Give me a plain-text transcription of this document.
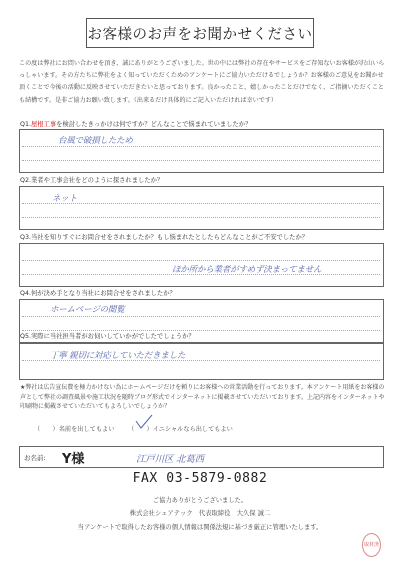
お客様のお声をお聞かせください
この度は弊社にお問い合わせを頂き、誠にありがとうございました。世の中には弊社の存在やサービスをご存知ないお客様が沢山いらっしゃいます。その方たちに弊社をよく知っていただくためのアンケートにご協力いただけるでしょうか？お客様のご意見をお聞かせ頂くことで今後の活動に反映させていただきたいと思っております。良かったこと、嬉しかったことだけでなく、ご指摘いただくことも結構です。是非ご協力お願い致します。（出来るだけ具体的にご記入いただければ幸いです）
Q1.屋根工事を検討したきっかけは何ですか？どんなことで悩まれていましたか？
台風で破損したため
Q2.業者や工事会社をどのように探されましたか？
ネット
Q3.当社を知りすぐにお問合せをされましたか？もし悩まれたとしたらどんなことがご不安でしたか？
ほか所から業者がすめず決まってません
Q4.何が決め手となり当社にお問合せをされましたか？
ホームページの閲覧
Q5.実際に当社担当者がお伺いしていかがでしたでしょうか？
丁寧 親切に対応していただきました
★弊社は広告宣伝費を極力かけない為にホームページだけを頼りにお客様への営業活動を行っております。本アンケート用紙をお客様の声として弊社の調査風景や施工状況を随時ブログ形式でインターネットに掲載させていただいております。上記内容をインターネットや印刷物に掲載させていただいてもよろしいでしょうか？
（　　）名前を出してもよい （　　）イニシャルなら出してもよい
お名前: Y様	江戸川区 北葛西
FAX 03-5879-0882
ご協力ありがとうございました。
株式会社シェアテック　代表取締役　大久保 誠二
当アンケートで取得したお客様の個人情報は関係法規に基づき厳正に管理いたします。
取材済
